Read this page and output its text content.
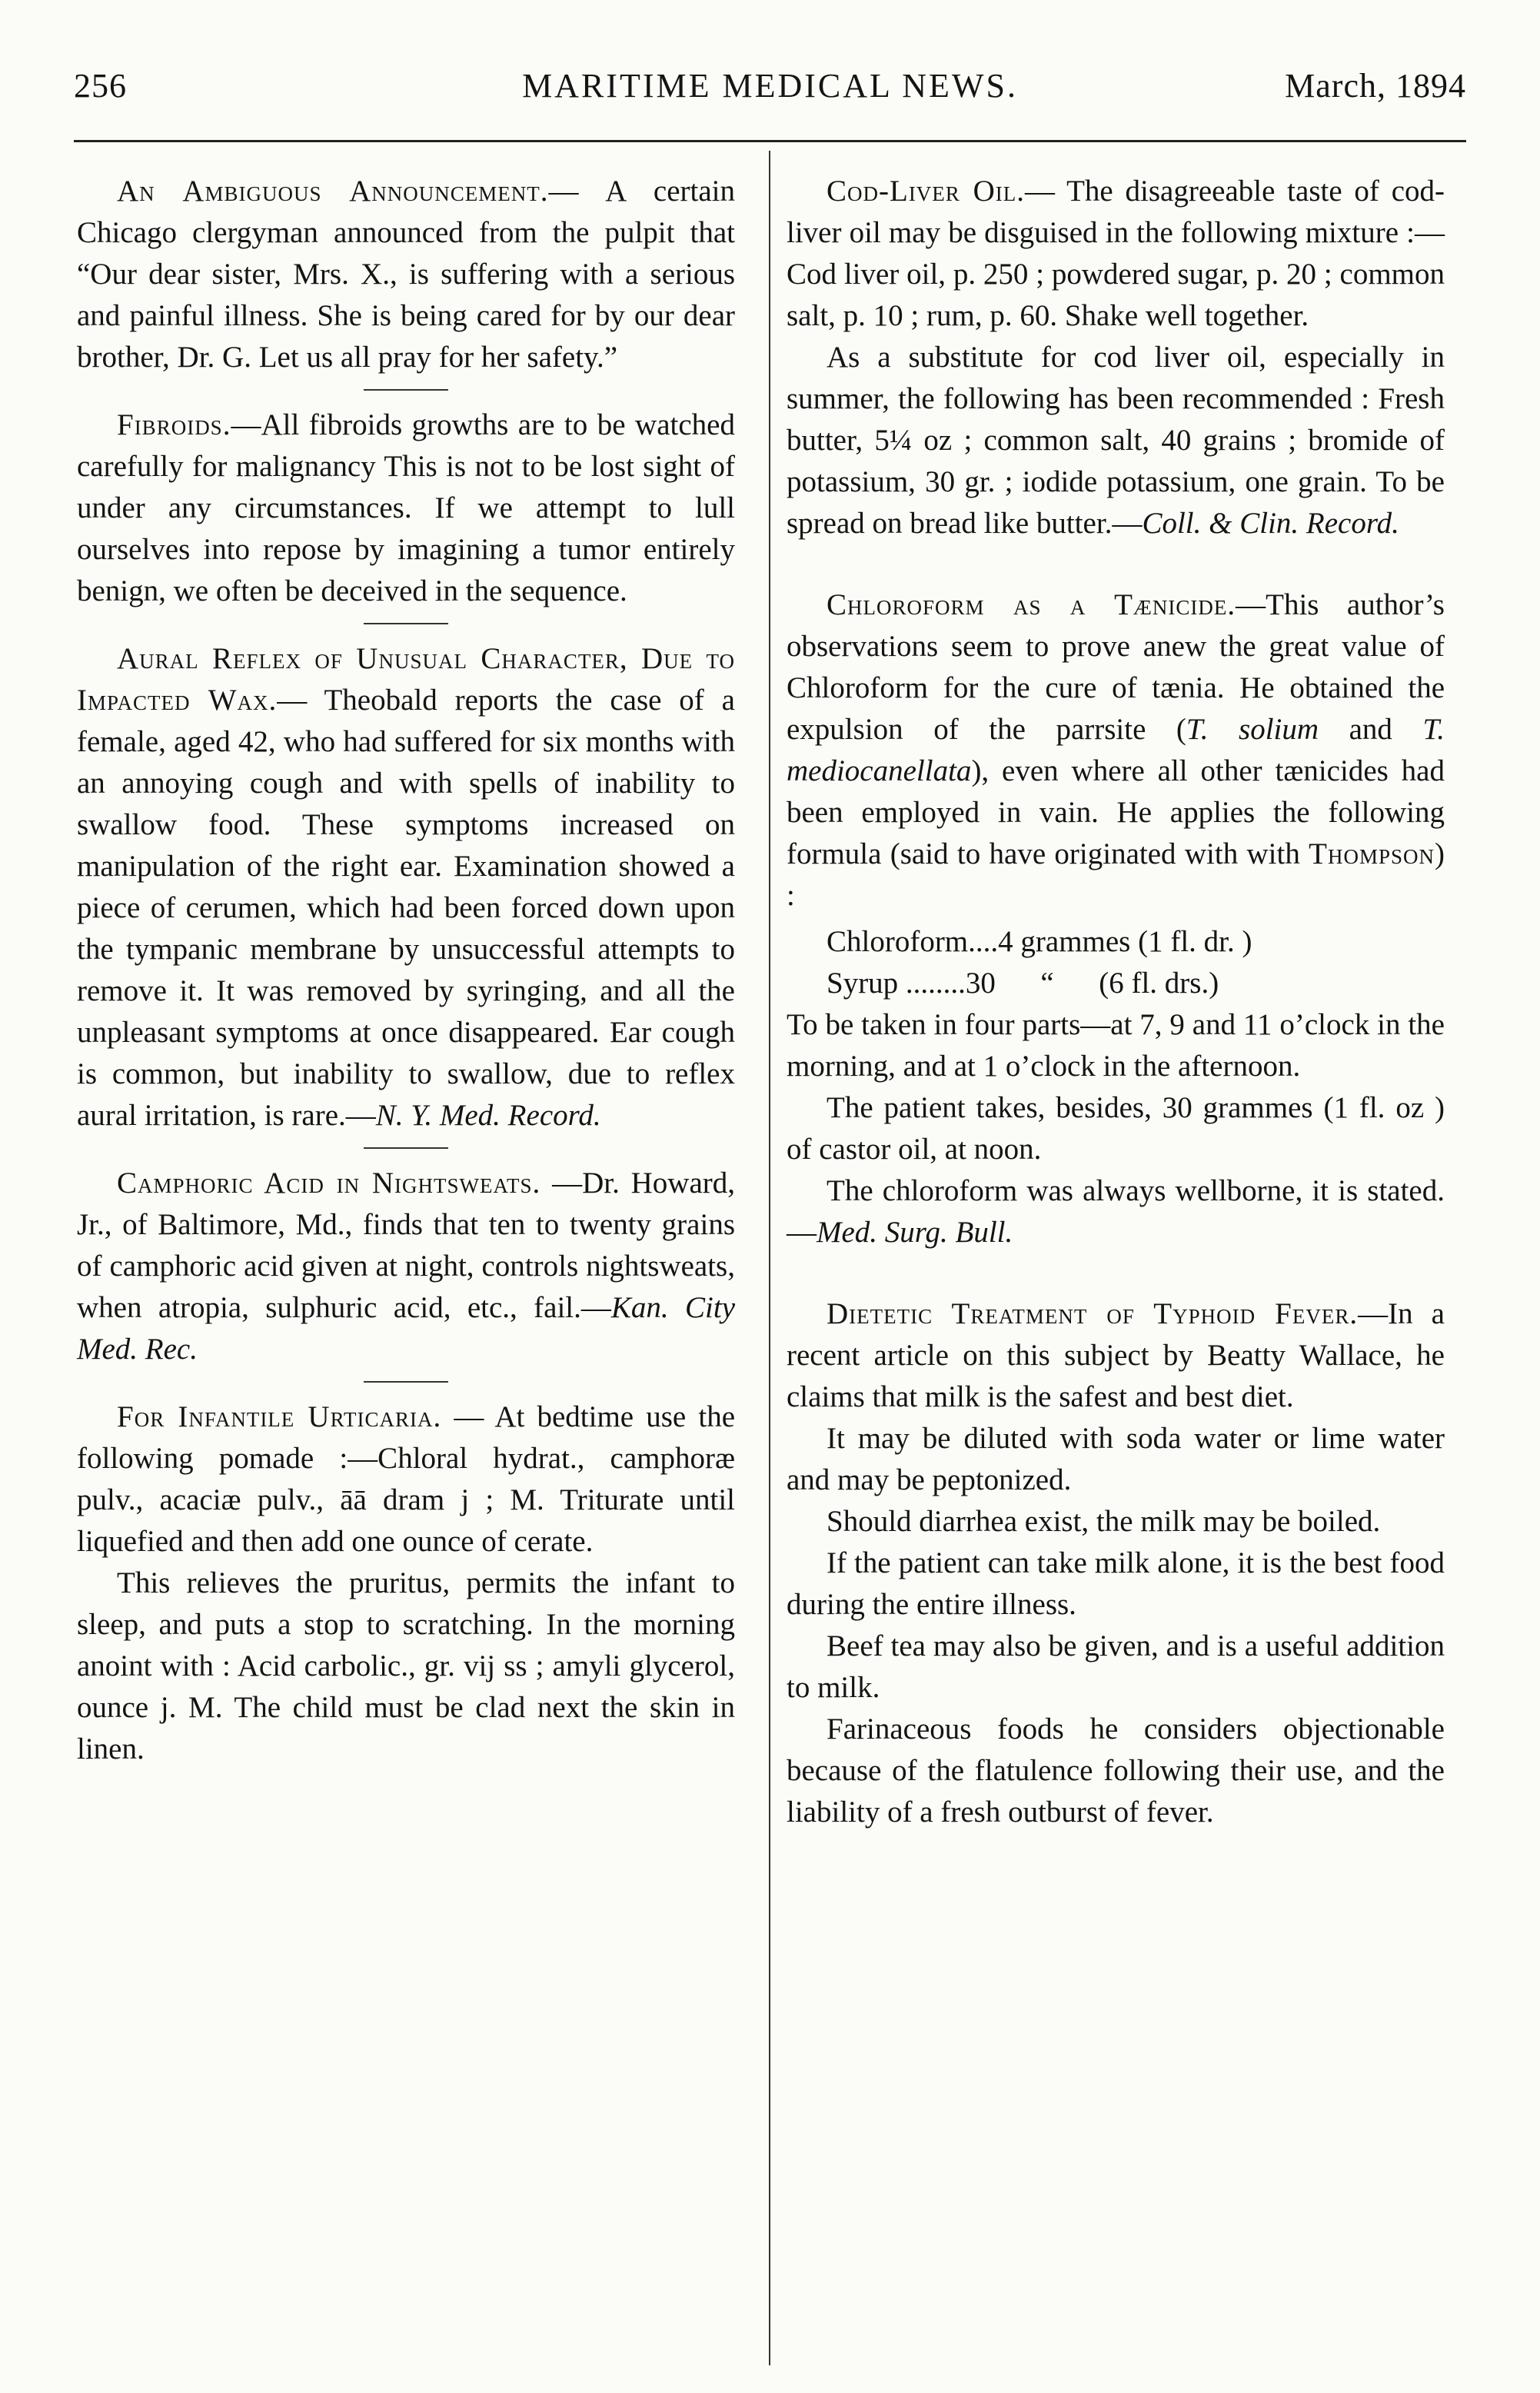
256	MARITIME MEDICAL NEWS.	March, 1894

An Ambiguous Announcement.— A certain Chicago clergyman announced from the pulpit that “Our dear sister, Mrs. X., is suffering with a serious and painful illness. She is being cared for by our dear brother, Dr. G. Let us all pray for her safety.”

Fibroids.—All fibroids growths are to be watched carefully for malignancy This is not to be lost sight of under any circumstances. If we attempt to lull ourselves into repose by imagining a tumor entirely benign, we often be deceived in the sequence.

Aural Reflex of Unusual Character, Due to Impacted Wax.— Theobald reports the case of a female, aged 42, who had suffered for six months with an annoying cough and with spells of inability to swallow food. These symptoms increased on manipulation of the right ear. Examination showed a piece of cerumen, which had been forced down upon the tympanic membrane by unsuccessful attempts to remove it. It was removed by syringing, and all the unpleasant symptoms at once disappeared. Ear cough is common, but inability to swallow, due to reflex aural irritation, is rare.—N. Y. Med. Record.

Camphoric Acid in Nightsweats. —Dr. Howard, Jr., of Baltimore, Md., finds that ten to twenty grains of camphoric acid given at night, controls nightsweats, when atropia, sulphuric acid, etc., fail.—Kan. City Med. Rec.

For Infantile Urticaria. — At bedtime use the following pomade :—Chloral hydrat., camphoræ pulv., acaciæ pulv., āā dram j ; M. Triturate until liquefied and then add one ounce of cerate.

This relieves the pruritus, permits the infant to sleep, and puts a stop to scratching. In the morning anoint with : Acid carbolic., gr. vij ss ; amyli glycerol, ounce j. M. The child must be clad next the skin in linen.

Cod-Liver Oil.— The disagreeable taste of cod-liver oil may be disguised in the following mixture :—Cod liver oil, p. 250 ; powdered sugar, p. 20 ; common salt, p. 10 ; rum, p. 60. Shake well together.

As a substitute for cod liver oil, especially in summer, the following has been recommended : Fresh butter, 5¼ oz ; common salt, 40 grains ; bromide of potassium, 30 gr. ; iodide potassium, one grain. To be spread on bread like butter.—Coll. & Clin. Record.

Chloroform as a Tænicide.—This author’s observations seem to prove anew the great value of Chloroform for the cure of tænia. He obtained the expulsion of the parrsite (T. solium and T. mediocanellata), even where all other tænicides had been employed in vain. He applies the following formula (said to have originated with with Thompson) :

Chloroform....4 grammes (1 fl. dr. )
Syrup ........30      “      (6 fl. drs.)

To be taken in four parts—at 7, 9 and 11 o’clock in the morning, and at 1 o’clock in the afternoon.

The patient takes, besides, 30 grammes (1 fl. oz ) of castor oil, at noon.

The chloroform was always wellborne, it is stated.—Med. Surg. Bull.

Dietetic Treatment of Typhoid Fever.—In a recent article on this subject by Beatty Wallace, he claims that milk is the safest and best diet.

It may be diluted with soda water or lime water and may be peptonized.

Should diarrhea exist, the milk may be boiled.

If the patient can take milk alone, it is the best food during the entire illness.

Beef tea may also be given, and is a useful addition to milk.

Farinaceous foods he considers objectionable because of the flatulence following their use, and the liability of a fresh outburst of fever.
